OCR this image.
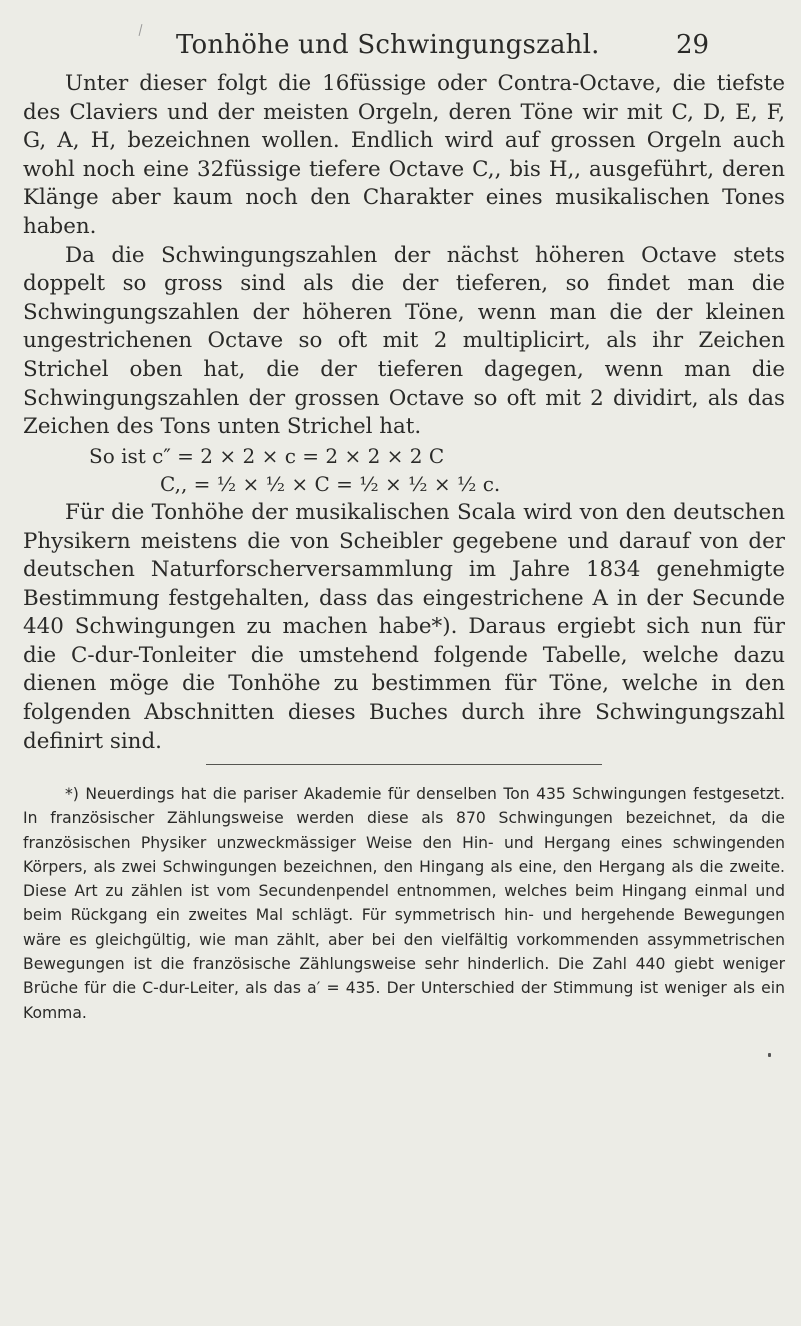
Tonhöhe und Schwingungszahl.	29

Unter dieser folgt die 16füssige oder Contra-Octave, die tiefste des Claviers und der meisten Orgeln, deren Töne wir mit C, D, E, F, G, A, H, bezeichnen wollen. Endlich wird auf grossen Orgeln auch wohl noch eine 32füssige tiefere Octave C,, bis H,, ausgeführt, deren Klänge aber kaum noch den Charakter eines musikalischen Tones haben.

Da die Schwingungszahlen der nächst höheren Octave stets doppelt so gross sind als die der tieferen, so findet man die Schwingungszahlen der höheren Töne, wenn man die der kleinen ungestrichenen Octave so oft mit 2 multiplicirt, als ihr Zeichen Strichel oben hat, die der tieferen dagegen, wenn man die Schwingungszahlen der grossen Octave so oft mit 2 dividirt, als das Zeichen des Tons unten Strichel hat.

So ist c″ = 2 × 2 × c = 2 × 2 × 2 C

C,, = ½ × ½ × C = ½ × ½ × ½ c.

Für die Tonhöhe der musikalischen Scala wird von den deutschen Physikern meistens die von Scheibler gegebene und darauf von der deutschen Naturforscherversammlung im Jahre 1834 genehmigte Bestimmung festgehalten, dass das eingestrichene A in der Secunde 440 Schwingungen zu machen habe*). Daraus ergiebt sich nun für die C-dur-Tonleiter die umstehend folgende Tabelle, welche dazu dienen möge die Tonhöhe zu bestimmen für Töne, welche in den folgenden Abschnitten dieses Buches durch ihre Schwingungszahl definirt sind.

*) Neuerdings hat die pariser Akademie für denselben Ton 435 Schwingungen festgesetzt. In französischer Zählungsweise werden diese als 870 Schwingungen bezeichnet, da die französischen Physiker unzweckmässiger Weise den Hin- und Hergang eines schwingenden Körpers, als zwei Schwingungen bezeichnen, den Hingang als eine, den Hergang als die zweite. Diese Art zu zählen ist vom Secundenpendel entnommen, welches beim Hingang einmal und beim Rückgang ein zweites Mal schlägt. Für symmetrisch hin- und hergehende Bewegungen wäre es gleichgültig, wie man zählt, aber bei den vielfältig vorkommenden assymmetrischen Bewegungen ist die französische Zählungsweise sehr hinderlich. Die Zahl 440 giebt weniger Brüche für die C-dur-Leiter, als das a′ = 435. Der Unterschied der Stimmung ist weniger als ein Komma.
